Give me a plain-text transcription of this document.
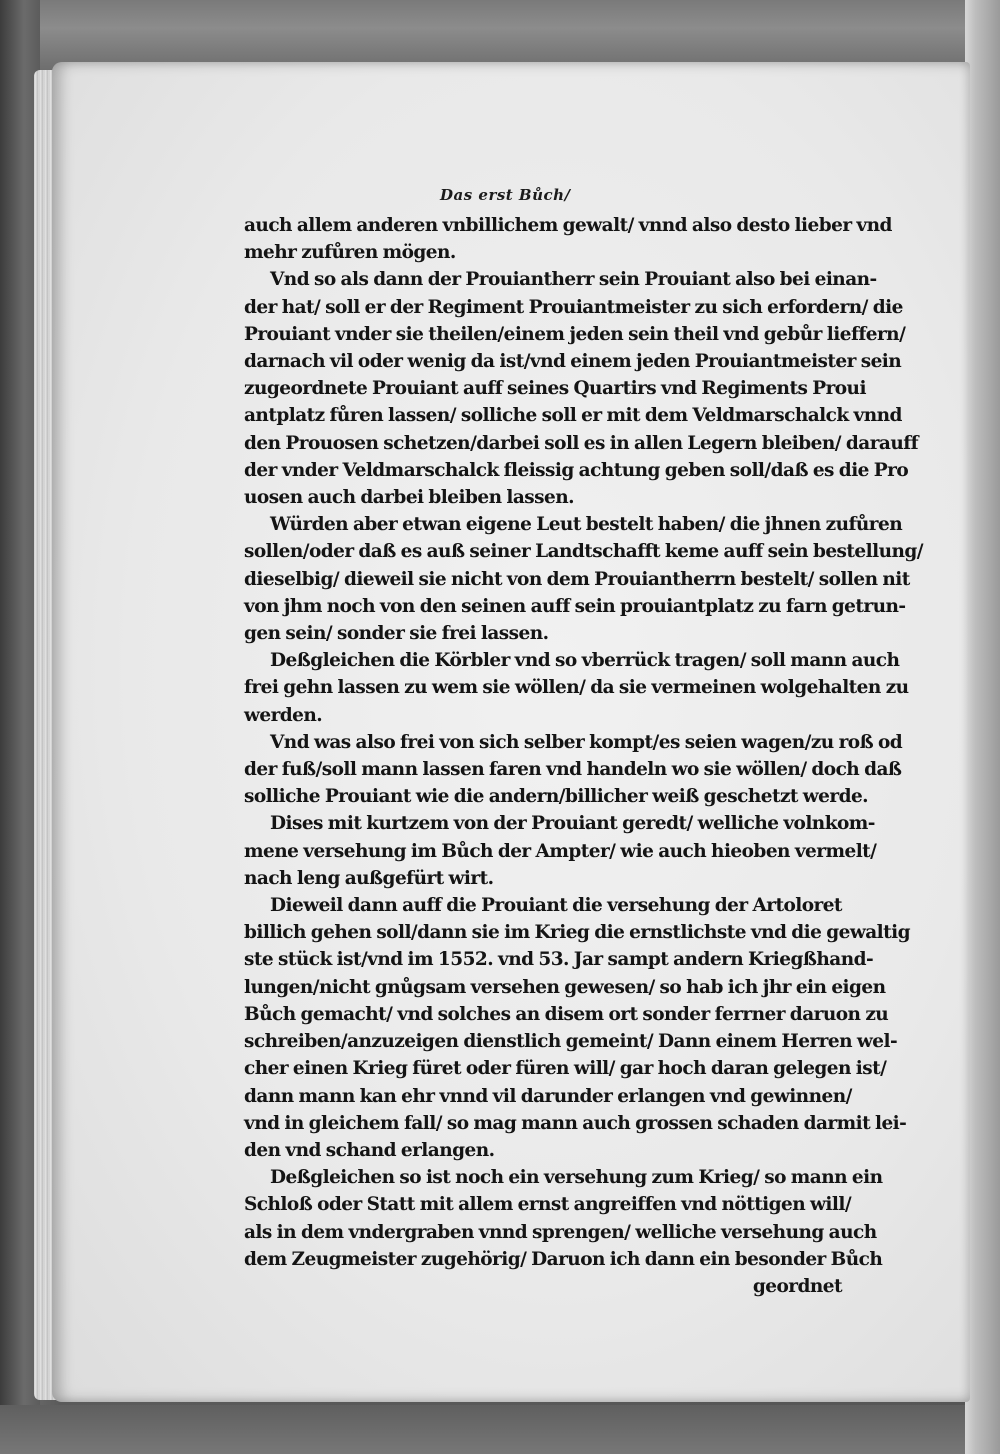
Das erst Bůch/
auch allem anderen vnbillichem gewalt/ vnnd also desto lieber vnd
mehr zufůren mögen.
Vnd so als dann der Prouiantherr sein Prouiant also bei einan-
der hat/ soll er der Regiment Prouiantmeister zu sich erfordern/ die
Prouiant vnder sie theilen/einem jeden sein theil vnd gebůr lieffern/
darnach vil oder wenig da ist/vnd einem jeden Prouiantmeister sein
zugeordnete Prouiant auff seines Quartirs vnd Regiments Proui
antplatz fůren lassen/ solliche soll er mit dem Veldmarschalck vnnd
den Prouosen schetzen/darbei soll es in allen Legern bleiben/ darauff
der vnder Veldmarschalck fleissig achtung geben soll/daß es die Pro
uosen auch darbei bleiben lassen.
Würden aber etwan eigene Leut bestelt haben/ die jhnen zufůren
sollen/oder daß es auß seiner Landtschafft keme auff sein bestellung/
dieselbig/ dieweil sie nicht von dem Prouiantherrn bestelt/ sollen nit
von jhm noch von den seinen auff sein prouiantplatz zu farn getrun-
gen sein/ sonder sie frei lassen.
Deßgleichen die Körbler vnd so vberrück tragen/ soll mann auch
frei gehn lassen zu wem sie wöllen/ da sie vermeinen wolgehalten zu
werden.
Vnd was also frei von sich selber kompt/es seien wagen/zu roß od
der fuß/soll mann lassen faren vnd handeln wo sie wöllen/ doch daß
solliche Prouiant wie die andern/billicher weiß geschetzt werde.
Dises mit kurtzem von der Prouiant geredt/ welliche volnkom-
mene versehung im Bůch der Ampter/ wie auch hieoben vermelt/
nach leng außgefürt wirt.
Dieweil dann auff die Prouiant die versehung der Artoloret
billich gehen soll/dann sie im Krieg die ernstlichste vnd die gewaltig
ste stück ist/vnd im 1552. vnd 53. Jar sampt andern Kriegßhand-
lungen/nicht gnůgsam versehen gewesen/ so hab ich jhr ein eigen
Bůch gemacht/ vnd solches an disem ort sonder ferrner daruon zu
schreiben/anzuzeigen dienstlich gemeint/ Dann einem Herren wel-
cher einen Krieg füret oder füren will/ gar hoch daran gelegen ist/
dann mann kan ehr vnnd vil darunder erlangen vnd gewinnen/
vnd in gleichem fall/ so mag mann auch grossen schaden darmit lei-
den vnd schand erlangen.
Deßgleichen so ist noch ein versehung zum Krieg/ so mann ein
Schloß oder Statt mit allem ernst angreiffen vnd nöttigen will/
als in dem vndergraben vnnd sprengen/ welliche versehung auch
dem Zeugmeister zugehörig/ Daruon ich dann ein besonder Bůch
geordnet
